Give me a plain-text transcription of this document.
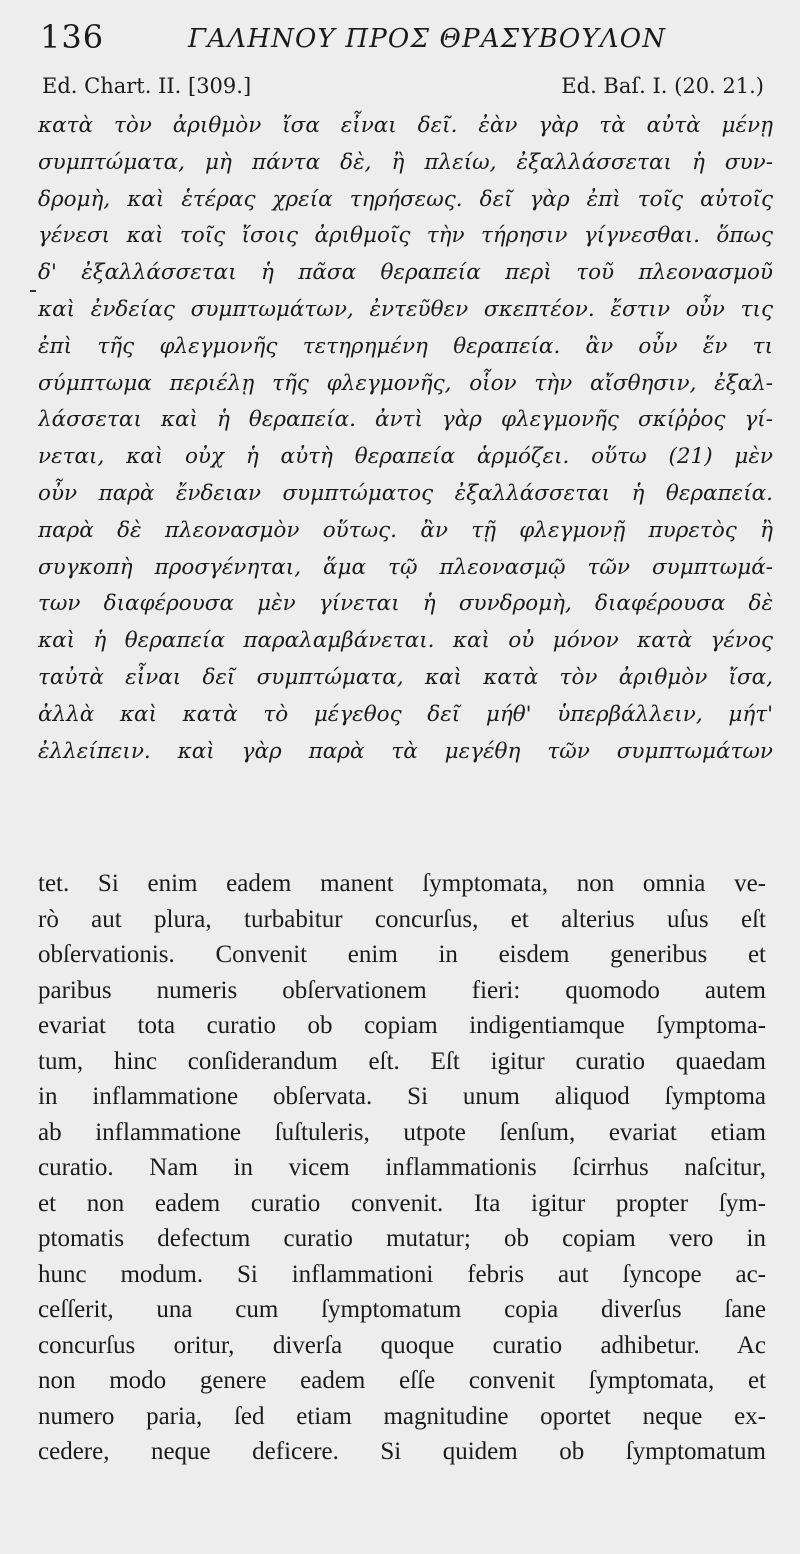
136	ΓΑΛΗΝΟΥ ΠΡΟΣ ΘΡΑΣΥΒΟΥΛΟΝ
Ed. Chart. II. [309.]	Ed. Baſ. I. (20. 21.)
κατὰ τὸν ἀριθμὸν ἴσα εἶναι δεῖ. ἐὰν γὰρ τὰ αὐτὰ μένῃ
συμπτώματα, μὴ πάντα δὲ, ἢ πλείω, ἐξαλλάσσεται ἡ συν-
δρομὴ, καὶ ἑτέρας χρεία τηρήσεως. δεῖ γὰρ ἐπὶ τοῖς αὐτοῖς
γένεσι καὶ τοῖς ἴσοις ἀριθμοῖς τὴν τήρησιν γίγνεσθαι. ὅπως
δ' ἐξαλλάσσεται ἡ πᾶσα θεραπεία περὶ τοῦ πλεονασμοῦ
καὶ ἐνδείας συμπτωμάτων, ἐντεῦθεν σκεπτέον. ἔστιν οὖν τις
ἐπὶ τῆς φλεγμονῆς τετηρημένη θεραπεία. ἂν οὖν ἕν τι
σύμπτωμα περιέλῃ τῆς φλεγμονῆς, οἷον τὴν αἴσθησιν, ἐξαλ-
λάσσεται καὶ ἡ θεραπεία. ἀντὶ γὰρ φλεγμονῆς σκίῤῥος γί-
νεται, καὶ οὐχ ἡ αὐτὴ θεραπεία ἁρμόζει. οὕτω (21) μὲν
οὖν παρὰ ἔνδειαν συμπτώματος ἐξαλλάσσεται ἡ θεραπεία.
παρὰ δὲ πλεονασμὸν οὕτως. ἂν τῇ φλεγμονῇ πυρετὸς ἢ
συγκοπὴ προσγένηται, ἅμα τῷ πλεονασμῷ τῶν συμπτωμά-
των διαφέρουσα μὲν γίνεται ἡ συνδρομὴ, διαφέρουσα δὲ
καὶ ἡ θεραπεία παραλαμβάνεται. καὶ οὐ μόνον κατὰ γένος
ταὐτὰ εἶναι δεῖ συμπτώματα, καὶ κατὰ τὸν ἀριθμὸν ἴσα,
ἀλλὰ καὶ κατὰ τὸ μέγεθος δεῖ μήθ' ὑπερβάλλειν, μήτ'
ἐλλείπειν. καὶ γὰρ παρὰ τὰ μεγέθη τῶν συμπτωμάτων
tet. Si enim eadem manent ſymptomata, non omnia ve-
rò aut plura, turbabitur concurſus, et alterius uſus eſt
obſervationis. Convenit enim in eisdem generibus et
paribus numeris obſervationem fieri: quomodo autem
evariat tota curatio ob copiam indigentiamque ſymptoma-
tum, hinc conſiderandum eſt. Eſt igitur curatio quaedam
in inflammatione obſervata. Si unum aliquod ſymptoma
ab inflammatione ſuſtuleris, utpote ſenſum, evariat etiam
curatio. Nam in vicem inflammationis ſcirrhus naſcitur,
et non eadem curatio convenit. Ita igitur propter ſym-
ptomatis defectum curatio mutatur; ob copiam vero in
hunc modum. Si inflammationi febris aut ſyncope ac-
ceſſerit, una cum ſymptomatum copia diverſus ſane
concurſus oritur, diverſa quoque curatio adhibetur. Ac
non modo genere eadem eſſe convenit ſymptomata, et
numero paria, ſed etiam magnitudine oportet neque ex-
cedere, neque deficere. Si quidem ob ſymptomatum
